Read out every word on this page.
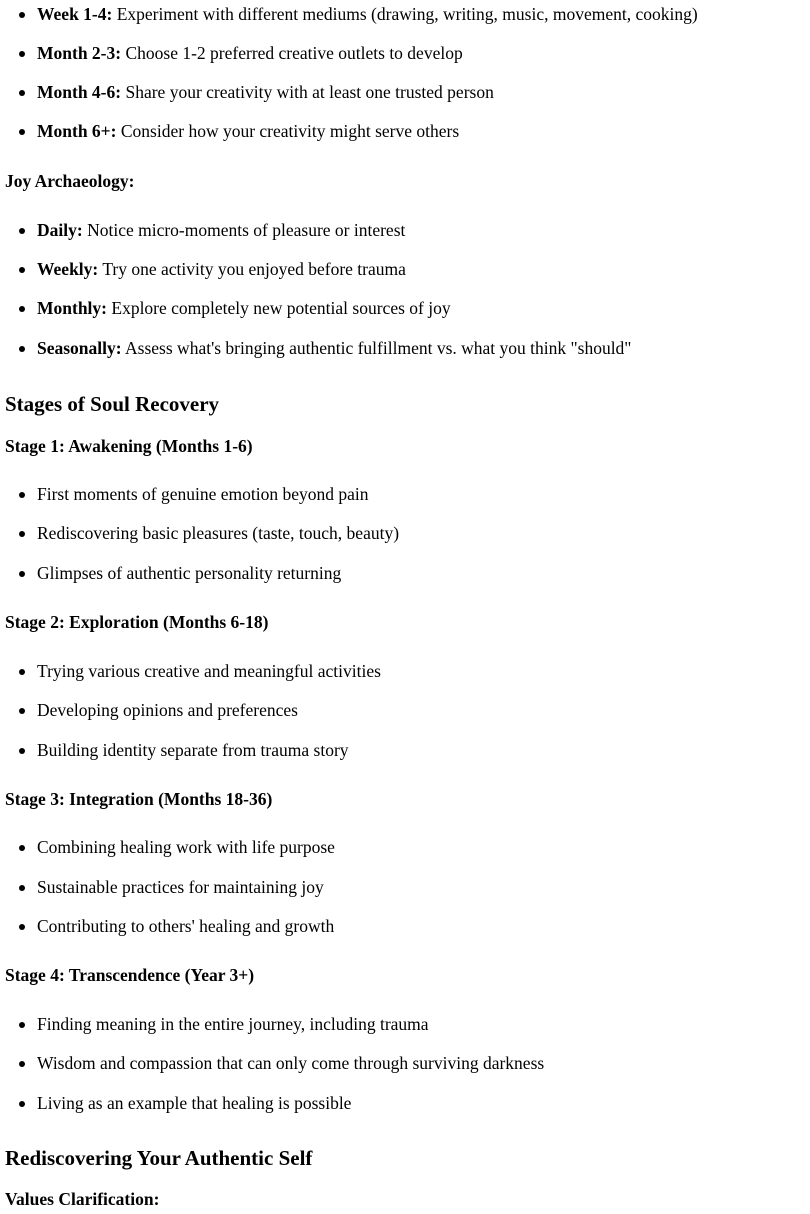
Week 1-4: Experiment with different mediums (drawing, writing, music, movement, cooking)
Month 2-3: Choose 1-2 preferred creative outlets to develop
Month 4-6: Share your creativity with at least one trusted person
Month 6+: Consider how your creativity might serve others
Joy Archaeology:
Daily: Notice micro-moments of pleasure or interest
Weekly: Try one activity you enjoyed before trauma
Monthly: Explore completely new potential sources of joy
Seasonally: Assess what's bringing authentic fulfillment vs. what you think "should"
Stages of Soul Recovery
Stage 1: Awakening (Months 1-6)
First moments of genuine emotion beyond pain
Rediscovering basic pleasures (taste, touch, beauty)
Glimpses of authentic personality returning
Stage 2: Exploration (Months 6-18)
Trying various creative and meaningful activities
Developing opinions and preferences
Building identity separate from trauma story
Stage 3: Integration (Months 18-36)
Combining healing work with life purpose
Sustainable practices for maintaining joy
Contributing to others' healing and growth
Stage 4: Transcendence (Year 3+)
Finding meaning in the entire journey, including trauma
Wisdom and compassion that can only come through surviving darkness
Living as an example that healing is possible
Rediscovering Your Authentic Self
Values Clarification:
